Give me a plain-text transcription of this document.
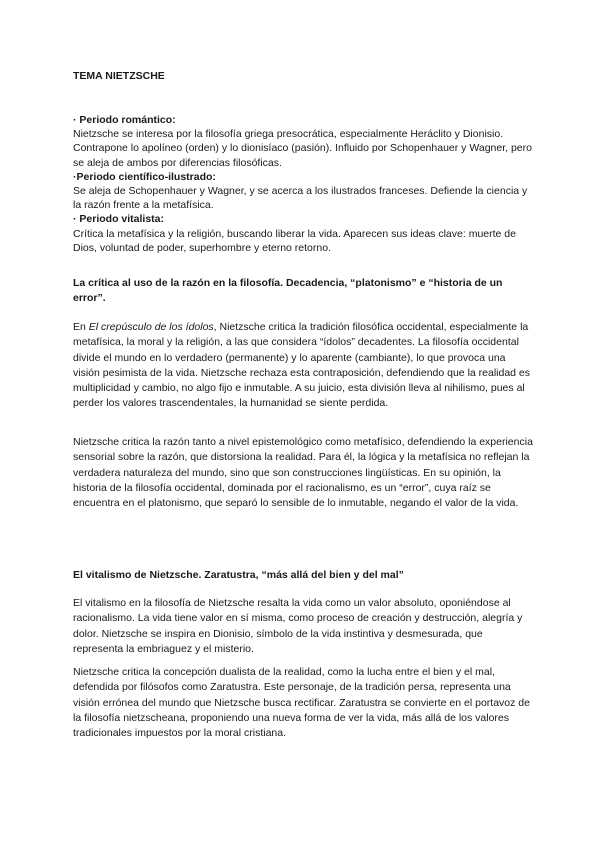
TEMA NIETZSCHE

· Periodo romántico:

Nietzsche se interesa por la filosofía griega presocrática, especialmente Heráclito y Dionisio. Contrapone lo apolíneo (orden) y lo dionisíaco (pasión). Influido por Schopenhauer y Wagner, pero se aleja de ambos por diferencias filosóficas.

·Periodo científico-ilustrado:

Se aleja de Schopenhauer y Wagner, y se acerca a los ilustrados franceses. Defiende la ciencia y la razón frente a la metafísica.

· Periodo vitalista:

Crítica la metafísica y la religión, buscando liberar la vida. Aparecen sus ideas clave: muerte de Dios, voluntad de poder, superhombre y eterno retorno.

La crítica al uso de la razón en la filosofía. Decadencia, “platonismo” e “historia de un error”.

En El crepúsculo de los ídolos, Nietzsche critica la tradición filosófica occidental, especialmente la metafísica, la moral y la religión, a las que considera “ídolos” decadentes. La filosofía occidental divide el mundo en lo verdadero (permanente) y lo aparente (cambiante), lo que provoca una visión pesimista de la vida. Nietzsche rechaza esta contraposición, defendiendo que la realidad es multiplicidad y cambio, no algo fijo e inmutable. A su juicio, esta división lleva al nihilismo, pues al perder los valores trascendentales, la humanidad se siente perdida.

Nietzsche critica la razón tanto a nivel epistemológico como metafísico, defendiendo la experiencia sensorial sobre la razón, que distorsiona la realidad. Para él, la lógica y la metafísica no reflejan la verdadera naturaleza del mundo, sino que son construcciones lingüísticas. En su opinión, la historia de la filosofía occidental, dominada por el racionalismo, es un “error”, cuya raíz se encuentra en el platonismo, que separó lo sensible de lo inmutable, negando el valor de la vida.

El vitalismo de Nietzsche. Zaratustra, “más allá del bien y del mal”

El vitalismo en la filosofía de Nietzsche resalta la vida como un valor absoluto, oponiéndose al racionalismo. La vida tiene valor en sí misma, como proceso de creación y destrucción, alegría y dolor. Nietzsche se inspira en Dionisio, símbolo de la vida instintiva y desmesurada, que representa la embriaguez y el misterio.

Nietzsche critica la concepción dualista de la realidad, como la lucha entre el bien y el mal, defendida por filósofos como Zaratustra. Este personaje, de la tradición persa, representa una visión errónea del mundo que Nietzsche busca rectificar. Zaratustra se convierte en el portavoz de la filosofía nietzscheana, proponiendo una nueva forma de ver la vida, más allá de los valores tradicionales impuestos por la moral cristiana.
